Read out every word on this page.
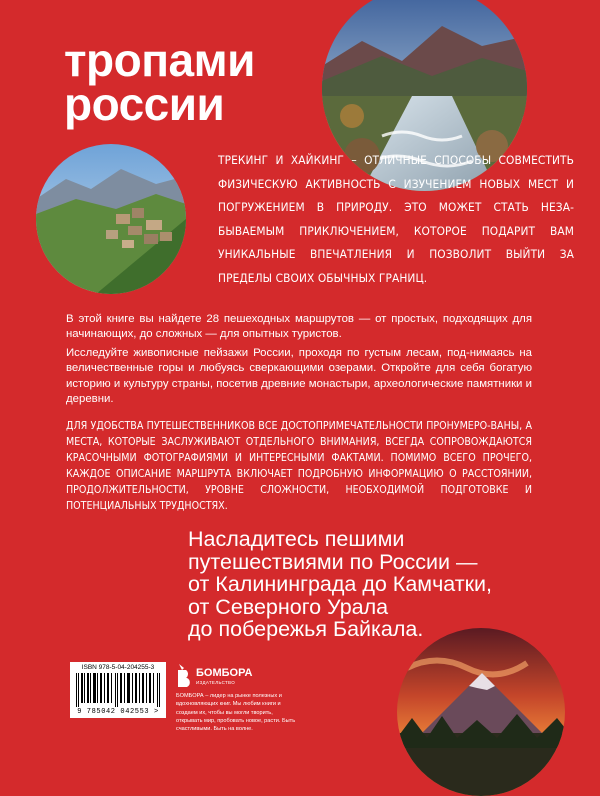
тропами
россии
ТРЕКИНГ И ХАЙКИНГ – ОТЛИЧНЫЕ СПОСОБЫ СОВМЕСТИТЬ ФИЗИЧЕСКУЮ АКТИВНОСТЬ С ИЗУЧЕНИЕМ НОВЫХ МЕСТ И ПОГРУЖЕНИЕМ В ПРИРОДУ. ЭТО МОЖЕТ СТАТЬ НЕЗА-БЫВАЕМЫМ ПРИКЛЮЧЕНИЕМ, КОТОРОЕ ПОДАРИТ ВАМ УНИКАЛЬНЫЕ ВПЕЧАТЛЕНИЯ И ПОЗВОЛИТ ВЫЙТИ ЗА ПРЕДЕЛЫ СВОИХ ОБЫЧНЫХ ГРАНИЦ.

В этой книге вы найдете 28 пешеходных маршрутов — от простых, подходящих для начинающих, до сложных — для опытных туристов.

Исследуйте живописные пейзажи России, проходя по густым лесам, под-нимаясь на величественные горы и любуясь сверкающими озерами. Откройте для себя богатую историю и культуру страны, посетив древние монастыри, археологические памятники и деревни.

ДЛЯ УДОБСТВА ПУТЕШЕСТВЕННИКОВ ВСЕ ДОСТОПРИМЕЧАТЕЛЬНОСТИ ПРОНУМЕРО-ВАНЫ, А МЕСТА, КОТОРЫЕ ЗАСЛУЖИВАЮТ ОТДЕЛЬНОГО ВНИМАНИЯ, ВСЕГДА СОПРОВОЖДАЮТСЯ КРАСОЧНЫМИ ФОТОГРАФИЯМИ И ИНТЕРЕСНЫМИ ФАКТАМИ. ПОМИМО ВСЕГО ПРОЧЕГО, КАЖДОЕ ОПИСАНИЕ МАРШРУТА ВКЛЮЧАЕТ ПОДРОБНУЮ ИНФОРМАЦИЮ О РАССТОЯНИИ, ПРОДОЛЖИТЕЛЬНОСТИ, УРОВНЕ СЛОЖНОСТИ, НЕОБХОДИМОЙ ПОДГОТОВКЕ И ПОТЕНЦИАЛЬНЫХ ТРУДНОСТЯХ.

Насладитесь пешими
путешествиями по России —
от Калининграда до Камчатки,
от Северного Урала
до побережья Байкала.
ISBN 978-5-04-204255-3
9 785042 042553 >
БОМБОРА
ИЗДАТЕЛЬСТВО
БОМБОРА – лидер на рынке полезных и вдохновляющих книг. Мы любим книги и создаем их, чтобы вы могли творить, открывать мир, пробовать новое, расти. Быть счастливыми. Быть на волне.
